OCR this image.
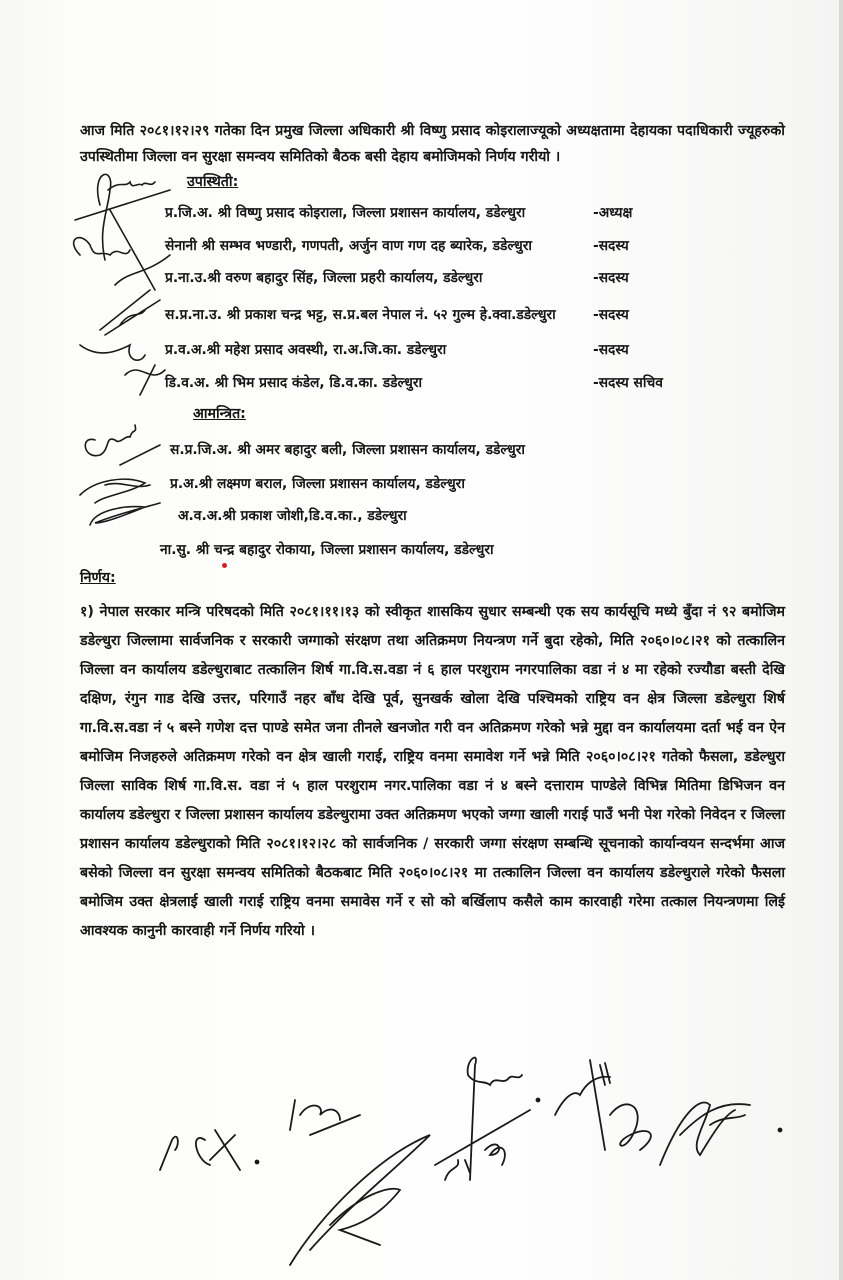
आज मिति २०८१।१२।२९ गतेका दिन प्रमुख जिल्ला अधिकारी श्री विष्णु प्रसाद कोइरालाज्यूको अध्यक्षतामा देहायका पदाधिकारी ज्यूहरुको उपस्थितीमा जिल्ला वन सुरक्षा समन्वय समितिको बैठक बसी देहाय बमोजिमको निर्णय गरीयो ।

उपस्थिती:
प्र.जि.अ. श्री विष्णु प्रसाद कोइराला, जिल्ला प्रशासन कार्यालय, डडेल्धुरा	-अध्यक्ष
सेनानी श्री सम्भव भण्डारी, गणपती, अर्जुन वाण गण दह ब्यारेक, डडेल्धुरा	-सदस्य
प्र.ना.उ.श्री वरुण बहादुर सिंह, जिल्ला प्रहरी कार्यालय, डडेल्धुरा	-सदस्य
स.प्र.ना.उ. श्री प्रकाश चन्द्र भट्ट, स.प्र.बल नेपाल नं. ५२ गुल्म हे.क्वा.डडेल्धुरा	-सदस्य
प्र.व.अ.श्री महेश प्रसाद अवस्थी, रा.अ.जि.का. डडेल्धुरा	-सदस्य
डि.व.अ. श्री भिम प्रसाद कंडेल, डि.व.का. डडेल्धुरा	-सदस्य सचिव
आमन्त्रित:
स.प्र.जि.अ. श्री अमर बहादुर बली, जिल्ला प्रशासन कार्यालय, डडेल्धुरा
प्र.अ.श्री लक्ष्मण बराल, जिल्ला प्रशासन कार्यालय, डडेल्धुरा
अ.व.अ.श्री प्रकाश जोशी,डि.व.का., डडेल्धुरा
ना.सु. श्री चन्द्र बहादुर रोकाया, जिल्ला प्रशासन कार्यालय, डडेल्धुरा
निर्णय:

१) नेपाल सरकार मन्त्रि परिषदको मिति २०८१।११।१३ को स्वीकृत शासकिय सुधार सम्बन्धी एक सय कार्यसूचि मध्ये बुँदा नं ९२ बमोजिम डडेल्धुरा जिल्लामा सार्वजनिक र सरकारी जग्गाको संरक्षण तथा अतिक्रमण नियन्त्रण गर्ने बुदा रहेको, मिति २०६०।०८।२१ को तत्कालिन जिल्ला वन कार्यालय डडेल्धुराबाट तत्कालिन शिर्ष गा.वि.स.वडा नं ६ हाल परशुराम नगरपालिका वडा नं ४ मा रहेको रज्यौडा बस्ती देखि दक्षिण, रंगुन गाड देखि उत्तर, परिगाउँ नहर बाँध देखि पूर्व, सुनखर्क खोला देखि पश्चिमको राष्ट्रिय वन क्षेत्र जिल्ला डडेल्धुरा शिर्ष गा.वि.स.वडा नं ५ बस्ने गणेश दत्त पाण्डे समेत जना तीनले खनजोत गरी वन अतिक्रमण गरेको भन्ने मुद्दा वन कार्यालयमा दर्ता भई वन ऐन बमोजिम निजहरुले अतिक्रमण गरेको वन क्षेत्र खाली गराई, राष्ट्रिय वनमा समावेश गर्ने भन्ने मिति २०६०।०८।२१ गतेको फैसला, डडेल्धुरा जिल्ला साविक शिर्ष गा.वि.स. वडा नं ५ हाल परशुराम नगर.पालिका वडा नं ४ बस्ने दत्ताराम पाण्डेले विभिन्न मितिमा डिभिजन वन कार्यालय डडेल्धुरा र जिल्ला प्रशासन कार्यालय डडेल्धुरामा उक्त अतिक्रमण भएको जग्गा खाली गराई पाउँ भनी पेश गरेको निवेदन र जिल्ला प्रशासन कार्यालय डडेल्धुराको मिति २०८१।१२।२८ को सार्वजनिक / सरकारी जग्गा संरक्षण सम्बन्धि सूचनाको कार्यान्वयन सन्दर्भमा आज बसेको जिल्ला वन सुरक्षा समन्वय समितिको बैठकबाट मिति २०६०।०८।२१ मा तत्कालिन जिल्ला वन कार्यालय डडेल्धुराले गरेको फैसला बमोजिम उक्त क्षेत्रलाई खाली गराई राष्ट्रिय वनमा समावेस गर्ने र सो को बर्खिलाप कसैले काम कारवाही गरेमा तत्काल नियन्त्रणमा लिई आवश्यक कानुनी कारवाही गर्ने निर्णय गरियो ।
